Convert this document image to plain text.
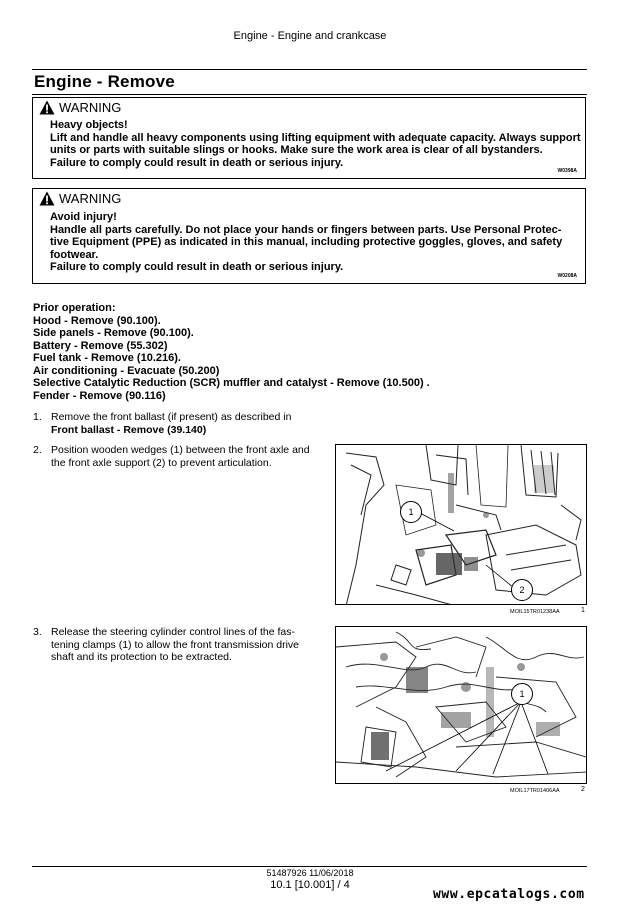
Engine - Engine and crankcase
Engine - Remove
WARNING
Heavy objects!
Lift and handle all heavy components using lifting equipment with adequate capacity. Always support
units or parts with suitable slings or hooks. Make sure the work area is clear of all bystanders.
Failure to comply could result in death or serious injury.
W0398A
WARNING
Avoid injury!
Handle all parts carefully. Do not place your hands or fingers between parts. Use Personal Protec-
tive Equipment (PPE) as indicated in this manual, including protective goggles, gloves, and safety
footwear.
Failure to comply could result in death or serious injury.
W0208A
Prior operation:
Hood - Remove (90.100).
Side panels - Remove (90.100).
Battery - Remove (55.302)
Fuel tank - Remove (10.216).
Air conditioning - Evacuate (50.200)
Selective Catalytic Reduction (SCR) muffler and catalyst - Remove (10.500) .
Fender - Remove (90.116)
1. Remove the front ballast (if present) as described in
Front ballast - Remove (39.140)
2. Position wooden wedges (1) between the front axle and
the front axle support (2) to prevent articulation.
1
2
MOIL15TR01238AA	1
3. Release the steering cylinder control lines of the fas-
tening clamps (1) to allow the front transmission drive
shaft and its protection to be extracted.
1
MOIL17TR01406AA	2
51487926 11/06/2018
10.1 [10.001] / 4
www.epcatalogs.com
